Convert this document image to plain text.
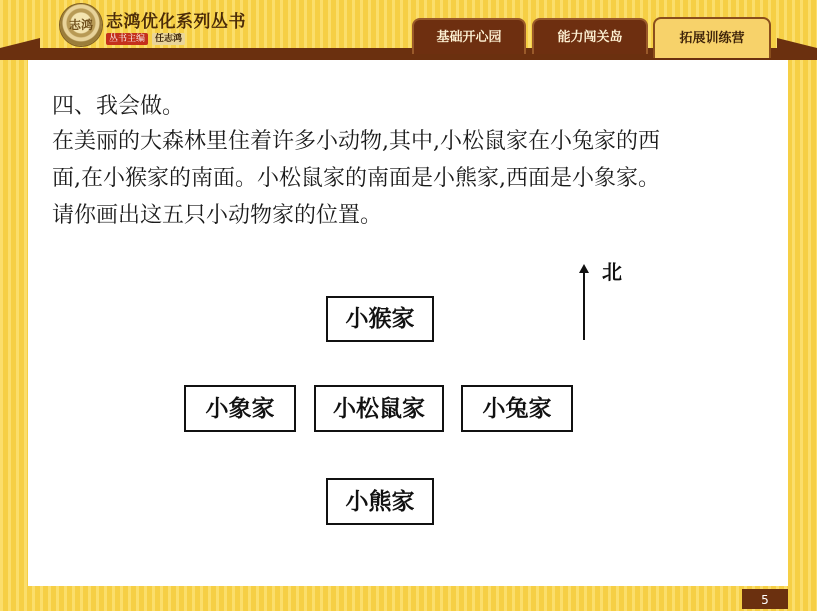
志鸿 志鸿优化系列丛书
丛书主编 任志鸿	基础开心园	能力闯关岛	拓展训练营
四、我会做。
在美丽的大森林里住着许多小动物,其中,小松鼠家在小兔家的西
面,在小猴家的南面。小松鼠家的南面是小熊家,西面是小象家。
请你画出这五只小动物家的位置。
小猴家
小象家	小松鼠家	小兔家
小熊家
北
5
